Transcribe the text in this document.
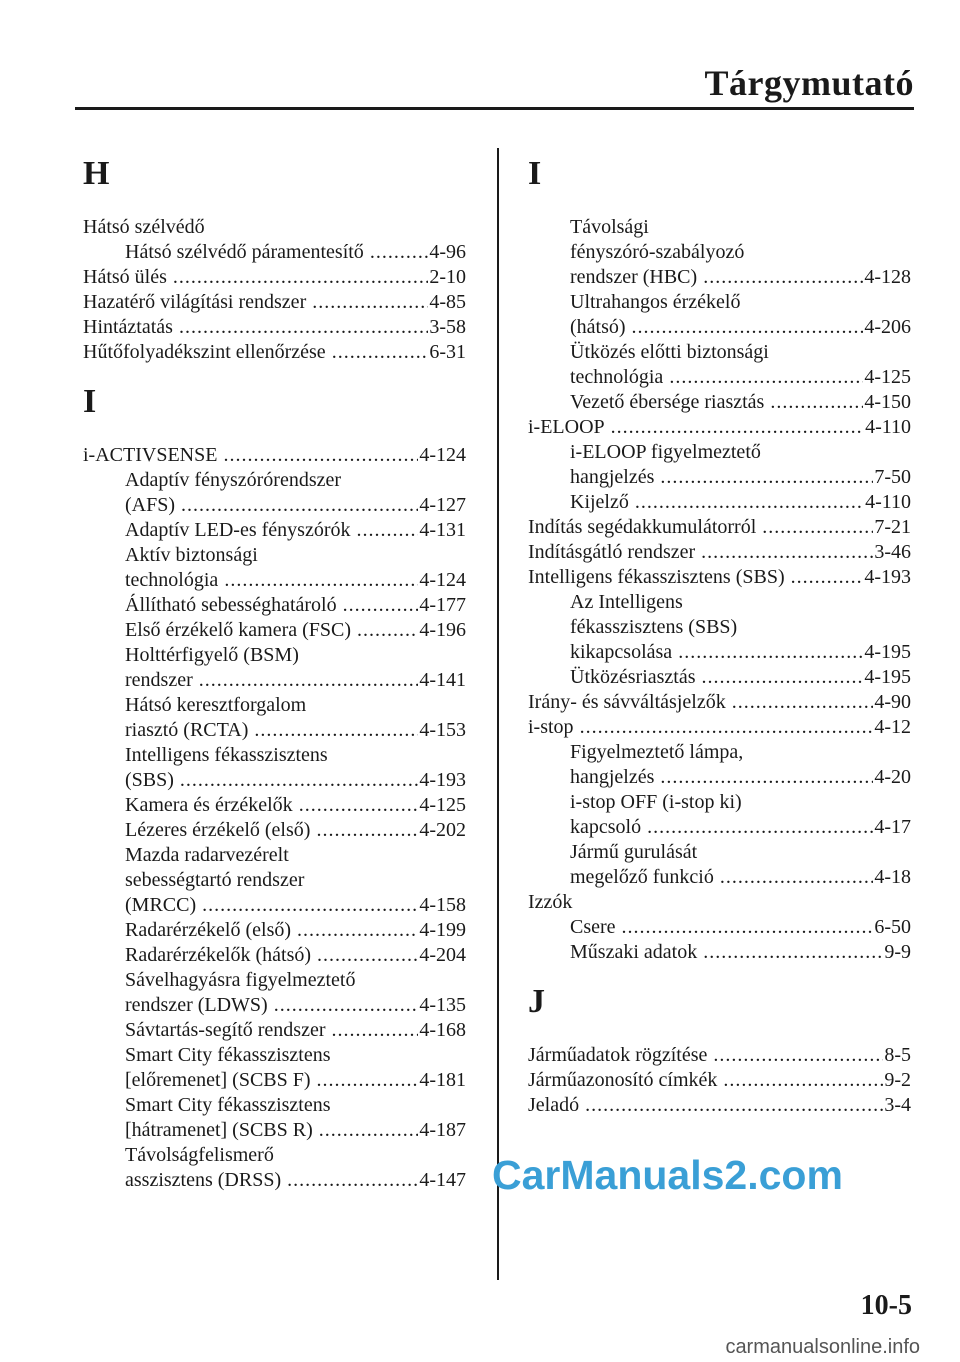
Tárgymutató
H
Hátsó szélvédő
Hátsó szélvédő páramentesítő .....	4-96
Hátsó ülés .....	2-10
Hazatérő világítási rendszer .....	4-85
Hintáztatás .....	3-58
Hűtőfolyadékszint ellenőrzése .....	6-31
I
i-ACTIVSENSE .....	4-124
Adaptív fényszórórendszer
(AFS) .....	4-127
Adaptív LED-es fényszórók .....	4-131
Aktív biztonsági
technológia .....	4-124
Állítható sebességhatároló .....	4-177
Első érzékelő kamera (FSC) .....	4-196
Holttérfigyelő (BSM)
rendszer .....	4-141
Hátsó keresztforgalom
riasztó (RCTA) .....	4-153
Intelligens fékasszisztens
(SBS) .....	4-193
Kamera és érzékelők .....	4-125
Lézeres érzékelő (első) .....	4-202
Mazda radarvezérelt
sebességtartó rendszer
(MRCC) .....	4-158
Radarérzékelő (első) .....	4-199
Radarérzékelők (hátsó) .....	4-204
Sávelhagyásra figyelmeztető
rendszer (LDWS) .....	4-135
Sávtartás-segítő rendszer .....	4-168
Smart City fékasszisztens
[előremenet] (SCBS F) .....	4-181
Smart City fékasszisztens
[hátramenet] (SCBS R) .....	4-187
Távolságfelismerő
asszisztens (DRSS) .....	4-147
I
Távolsági
fényszóró-szabályozó
rendszer (HBC) .....	4-128
Ultrahangos érzékelő
(hátsó) .....	4-206
Ütközés előtti biztonsági
technológia .....	4-125
Vezető ébersége riasztás .....	4-150
i-ELOOP .....	4-110
i-ELOOP figyelmeztető
hangjelzés .....	7-50
Kijelző .....	4-110
Indítás segédakkumulátorról .....	7-21
Indításgátló rendszer .....	3-46
Intelligens fékasszisztens (SBS) .....	4-193
Az Intelligens
fékasszisztens (SBS)
kikapcsolása .....	4-195
Ütközésriasztás .....	4-195
Irány- és sávváltásjelzők .....	4-90
i-stop .....	4-12
Figyelmeztető lámpa,
hangjelzés .....	4-20
i-stop OFF (i-stop ki)
kapcsoló .....	4-17
Jármű gurulását
megelőző funkció .....	4-18
Izzók
Csere .....	6-50
Műszaki adatok .....	9-9
J
Járműadatok rögzítése .....	8-5
Járműazonosító címkék .....	9-2
Jeladó .....	3-4
CarManuals2.com
10-5
carmanualsonline.info
